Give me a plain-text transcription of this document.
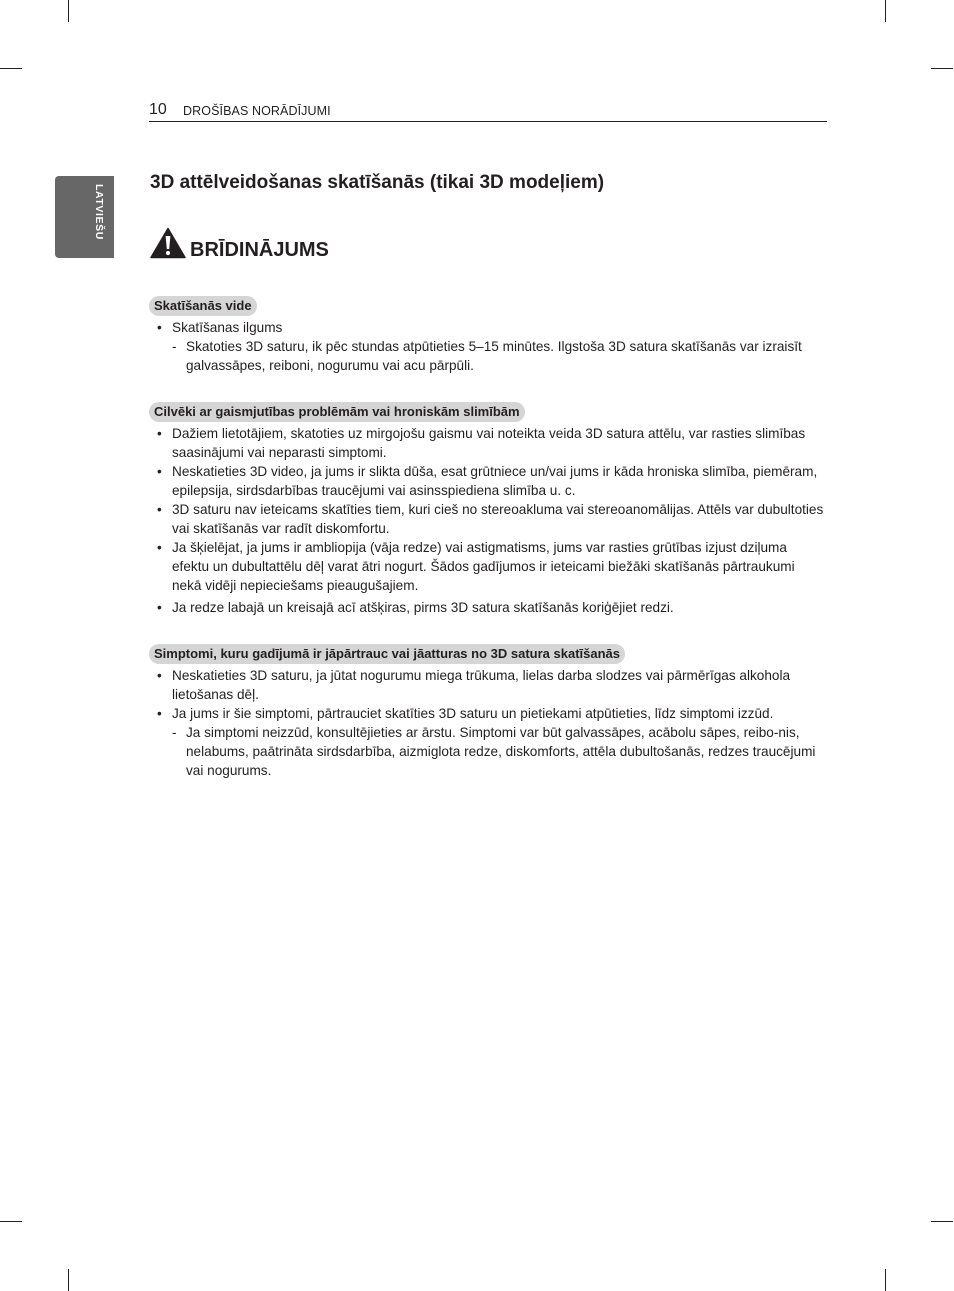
10 DROŠĪBAS NORĀDĪJUMI
LATVIEŠU
3D attēlveidošanas skatīšanās (tikai 3D modeļiem)
BRĪDINĀJUMS
Skatīšanās vide
• Skatīšanas ilgums
- Skatoties 3D saturu, ik pēc stundas atpūtieties 5–15 minūtes. Ilgstoša 3D satura skatīšanās var izraisīt galvassāpes, reiboni, nogurumu vai acu pārpūli.
Cilvēki ar gaismjutības problēmām vai hroniskām slimībām
• Dažiem lietotājiem, skatoties uz mirgojošu gaismu vai noteikta veida 3D satura attēlu, var rasties slimības saasinājumi vai neparasti simptomi.
• Neskatieties 3D video, ja jums ir slikta dūša, esat grūtniece un/vai jums ir kāda hroniska slimība, piemēram, epilepsija, sirdsdarbības traucējumi vai asinsspiediena slimība u. c.
• 3D saturu nav ieteicams skatīties tiem, kuri cieš no stereoakluma vai stereoanomālijas. Attēls var dubultoties vai skatīšanās var radīt diskomfortu.
• Ja šķielējat, ja jums ir ambliopija (vāja redze) vai astigmatisms, jums var rasties grūtības izjust dziļuma efektu un dubultattēlu dēļ varat ātri nogurt. Šādos gadījumos ir ieteicami biežāki skatīšanās pārtraukumi nekā vidēji nepieciešams pieaugušajiem.
• Ja redze labajā un kreisajā acī atšķiras, pirms 3D satura skatīšanās koriģējiet redzi.
Simptomi, kuru gadījumā ir jāpārtrauc vai jāatturas no 3D satura skatīšanās
• Neskatieties 3D saturu, ja jūtat nogurumu miega trūkuma, lielas darba slodzes vai pārmērīgas alkohola lietošanas dēļ.
• Ja jums ir šie simptomi, pārtrauciet skatīties 3D saturu un pietiekami atpūtieties, līdz simptomi izzūd.
- Ja simptomi neizzūd, konsultējieties ar ārstu. Simptomi var būt galvassāpes, acābolu sāpes, reibo-nis, nelabums, paātrināta sirdsdarbība, aizmiglota redze, diskomforts, attēla dubultošanās, redzes traucējumi vai nogurums.
